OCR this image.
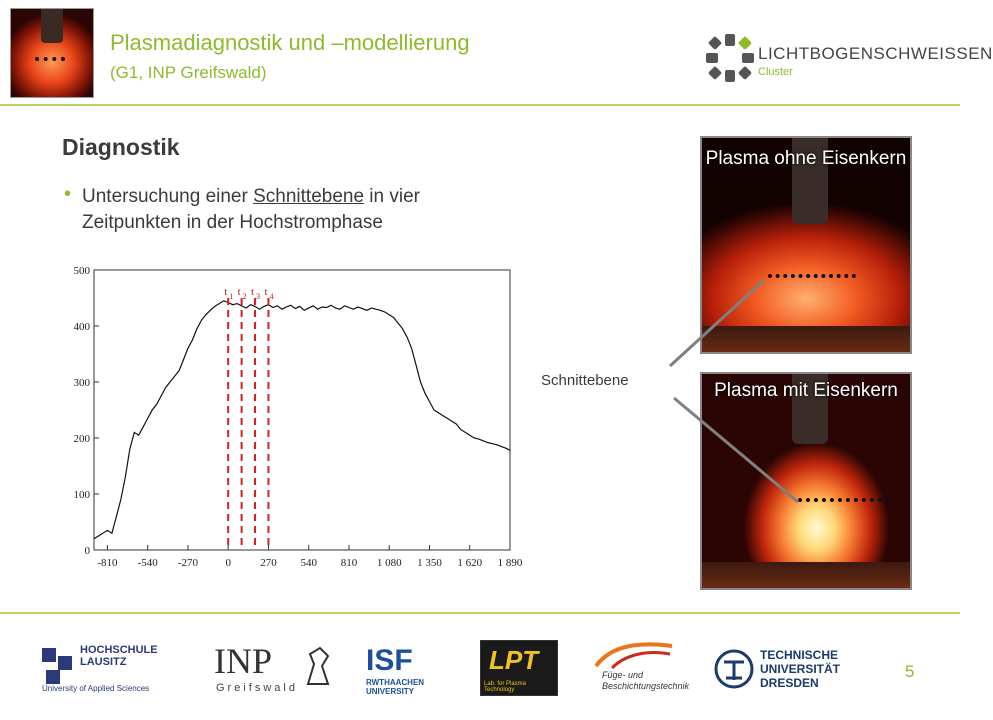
Plasmadiagnostik und –modellierung
(G1, INP Greifswald)
LICHTBOGENSCHWEISSEN
Cluster
Diagnostik
• Untersuchung einer Schnittebene in vier Zeitpunkten in der Hochstromphase
0
100
200
300
400
500
-810 -540 -270 0	270 540 810 1 080 1 350 1 620 1 890
t 1 t 2 t 3 t 4
Plasma ohne Eisenkern
Plasma mit Eisenkern
Schnittebene
HOCHSCHULE LAUSITZ
University of Applied Sciences
INP
Greifswald
ISF
RWTHAACHEN UNIVERSITY
LPT
Lab. for Plasma Technology
Füge- und Beschichtungstechnik
TECHNISCHE UNIVERSITÄT DRESDEN
5
